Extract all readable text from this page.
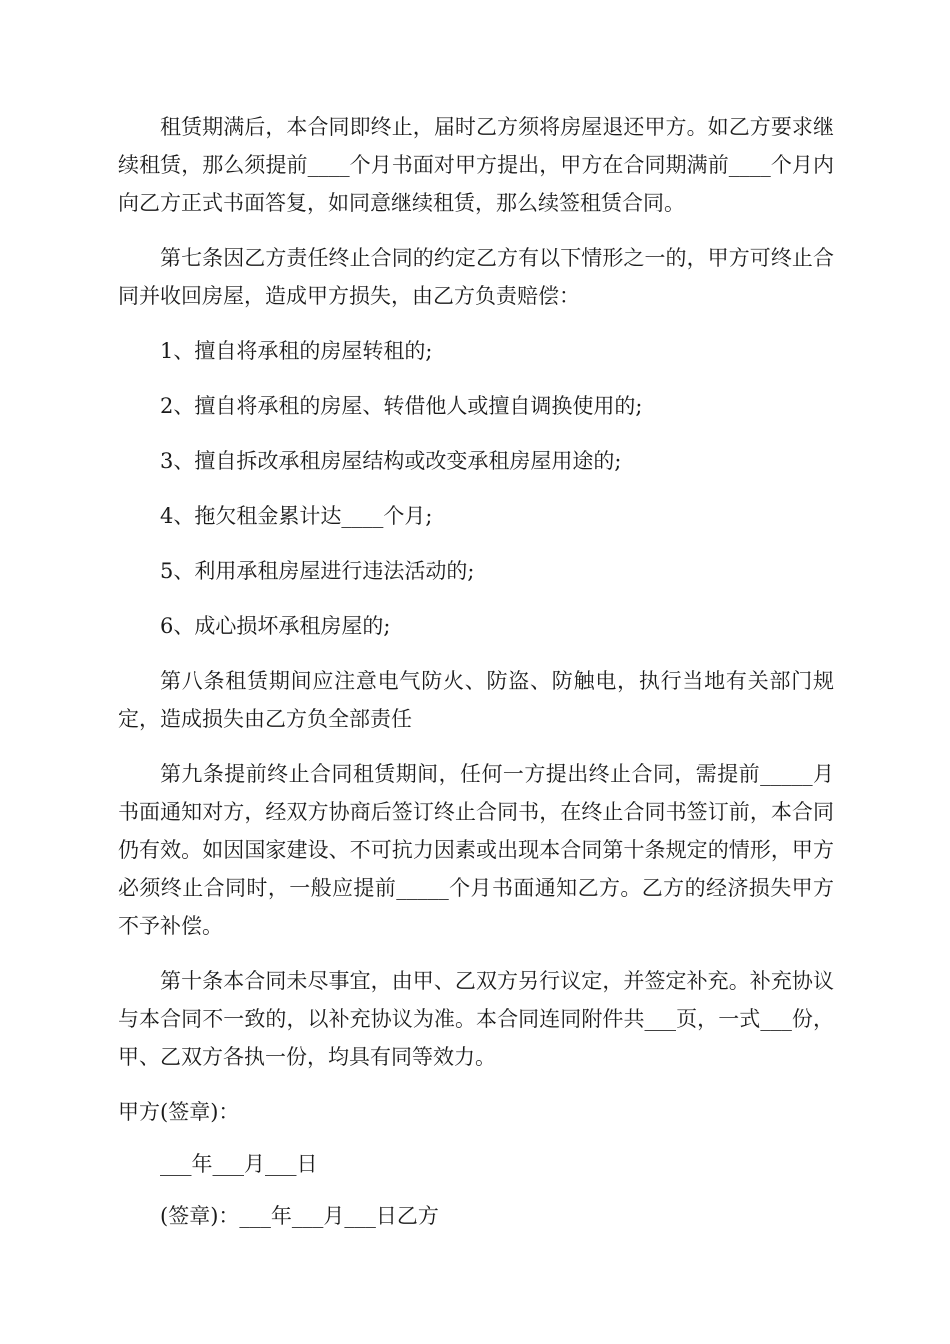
租赁期满后，本合同即终止，届时乙方须将房屋退还甲方。如乙方要求继续租赁，那么须提前____个月书面对甲方提出，甲方在合同期满前____个月内向乙方正式书面答复，如同意继续租赁，那么续签租赁合同。

第七条因乙方责任终止合同的约定乙方有以下情形之一的，甲方可终止合同并收回房屋，造成甲方损失，由乙方负责赔偿：

1、擅自将承租的房屋转租的;

2、擅自将承租的房屋、转借他人或擅自调换使用的;

3、擅自拆改承租房屋结构或改变承租房屋用途的;

4、拖欠租金累计达____个月;

5、利用承租房屋进行违法活动的;

6、成心损坏承租房屋的;

第八条租赁期间应注意电气防火、防盗、防触电，执行当地有关部门规定，造成损失由乙方负全部责任

第九条提前终止合同租赁期间，任何一方提出终止合同，需提前_____月书面通知对方，经双方协商后签订终止合同书，在终止合同书签订前，本合同仍有效。如因国家建设、不可抗力因素或出现本合同第十条规定的情形，甲方必须终止合同时，一般应提前_____个月书面通知乙方。乙方的经济损失甲方不予补偿。

第十条本合同未尽事宜，由甲、乙双方另行议定，并签定补充。补充协议与本合同不一致的，以补充协议为准。本合同连同附件共___页，一式___份，甲、乙双方各执一份，均具有同等效力。

甲方(签章)：

___年___月___日

(签章)：___年___月___日乙方
